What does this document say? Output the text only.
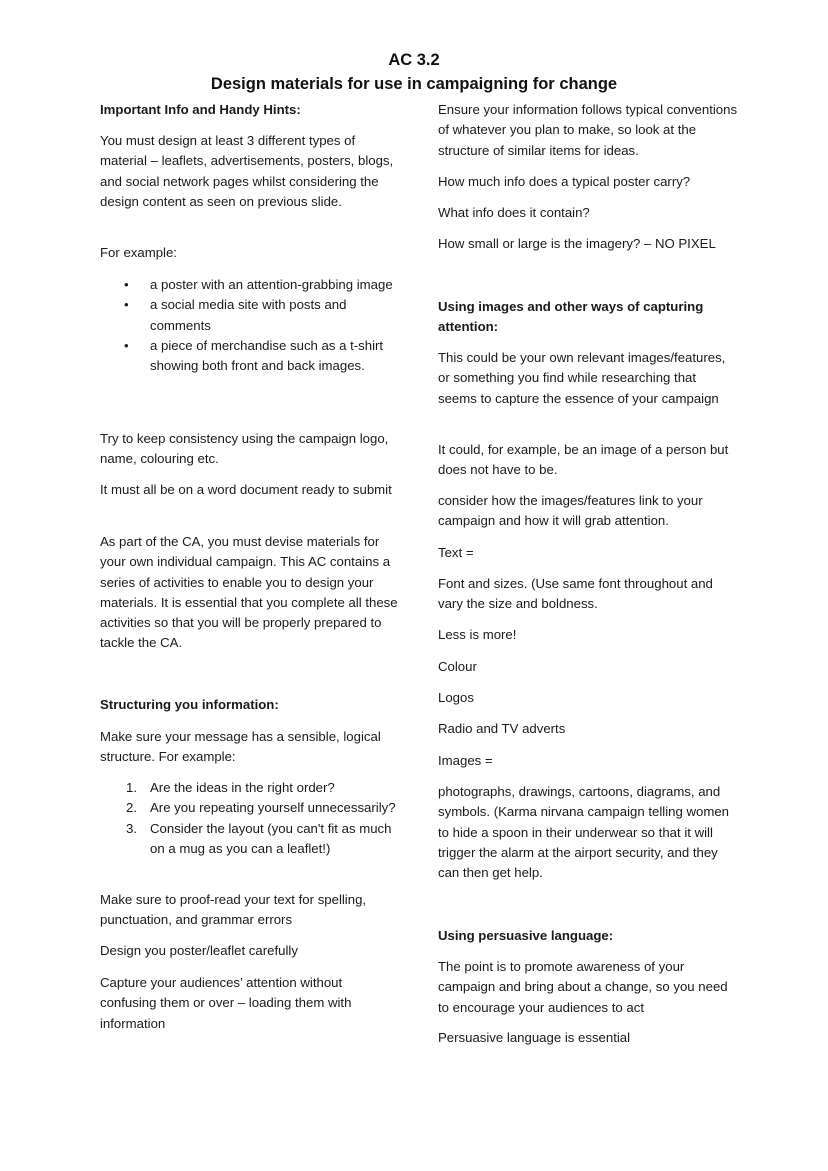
AC 3.2
Design materials for use in campaigning for change

Important Info and Handy Hints:

You must design at least 3 different types of material – leaflets, advertisements, posters, blogs, and social network pages whilst considering the design content as seen on previous slide.

For example:

• a poster with an attention-grabbing image
• a social media site with posts and comments
• a piece of merchandise such as a t-shirt showing both front and back images.

Try to keep consistency using the campaign logo, name, colouring etc.

It must all be on a word document ready to submit

As part of the CA, you must devise materials for your own individual campaign. This AC contains a series of activities to enable you to design your materials. It is essential that you complete all these activities so that you will be properly prepared to tackle the CA.

Structuring you information:

Make sure your message has a sensible, logical structure. For example:

1. Are the ideas in the right order?
2. Are you repeating yourself unnecessarily?
3. Consider the layout (you can't fit as much on a mug as you can a leaflet!)

Make sure to proof-read your text for spelling, punctuation, and grammar errors

Design you poster/leaflet carefully

Capture your audiences’ attention without confusing them or over – loading them with information

Ensure your information follows typical conventions of whatever you plan to make, so look at the structure of similar items for ideas.

How much info does a typical poster carry?

What info does it contain?

How small or large is the imagery? – NO PIXEL

Using images and other ways of capturing attention:

This could be your own relevant images/features, or something you find while researching that seems to capture the essence of your campaign

It could, for example, be an image of a person but does not have to be.

consider how the images/features link to your campaign and how it will grab attention.

Text =

Font and sizes. (Use same font throughout and vary the size and boldness.

Less is more!

Colour

Logos

Radio and TV adverts

Images =

photographs, drawings, cartoons, diagrams, and symbols. (Karma nirvana campaign telling women to hide a spoon in their underwear so that it will trigger the alarm at the airport security, and they can then get help.

Using persuasive language:

The point is to promote awareness of your campaign and bring about a change, so you need to encourage your audiences to act

Persuasive language is essential
